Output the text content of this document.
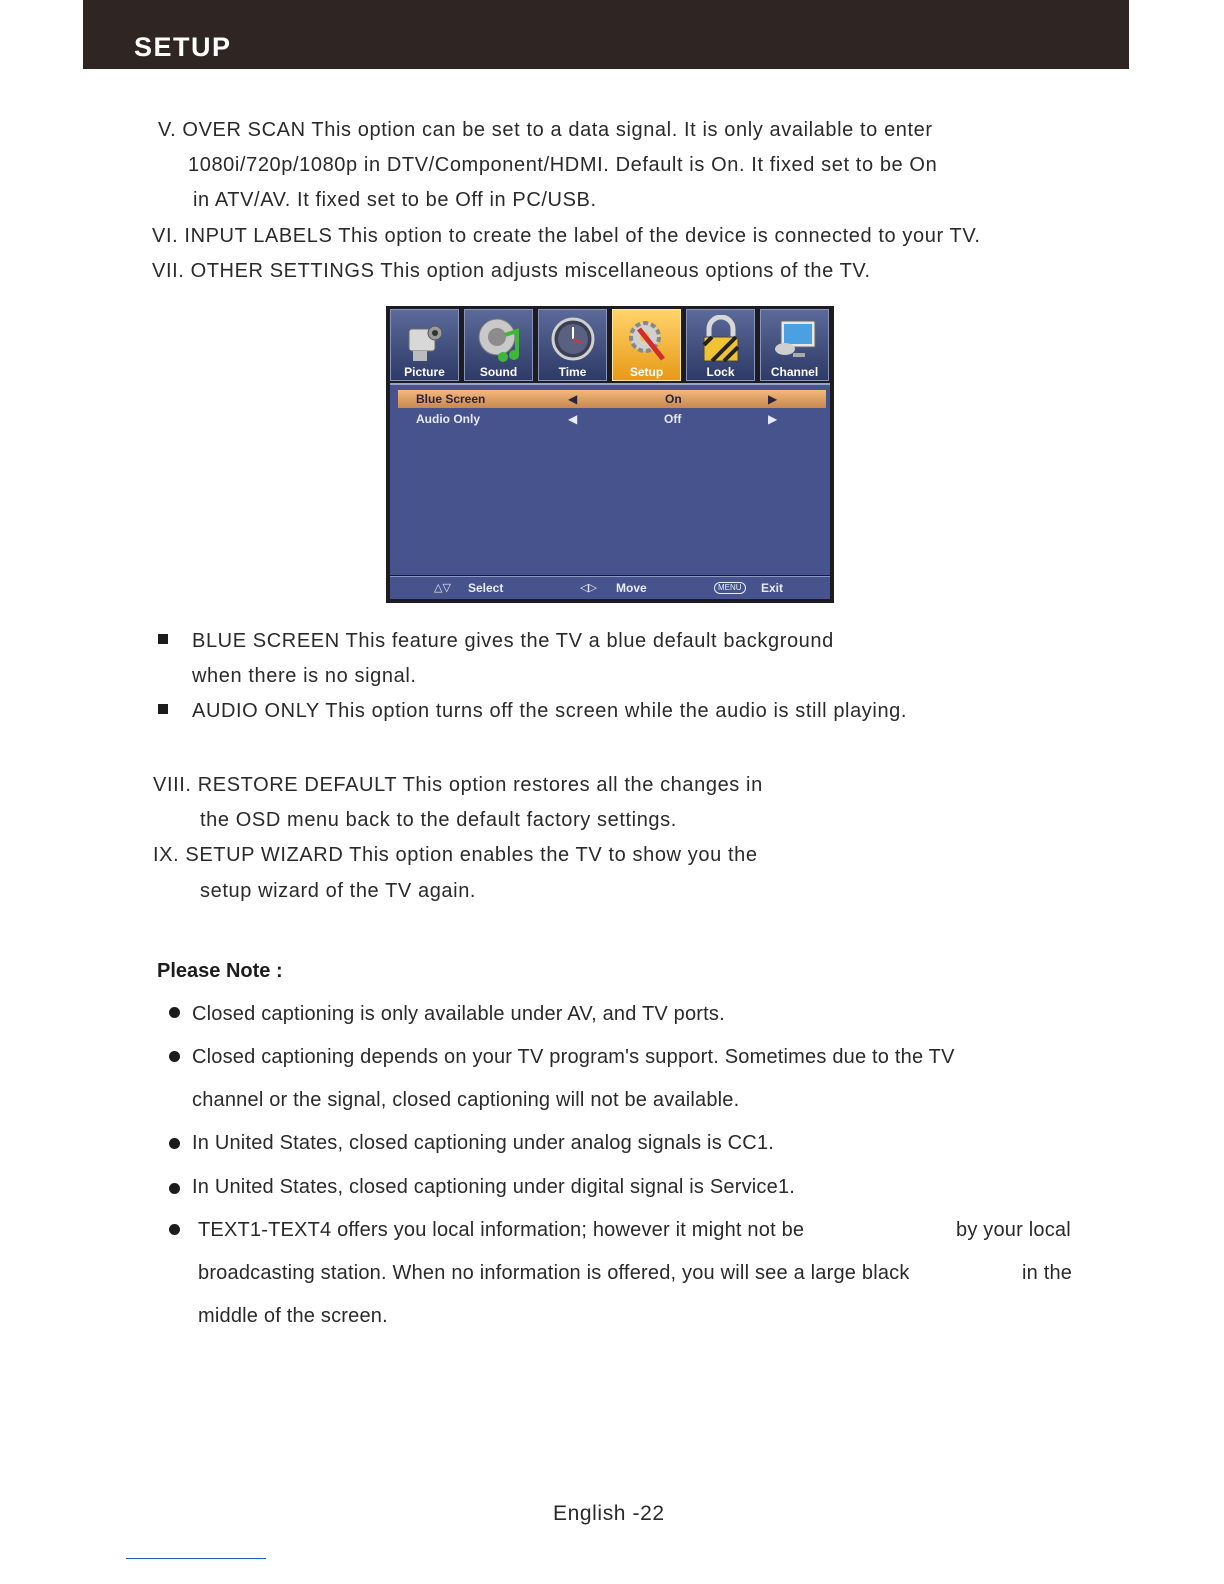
SETUP
V. OVER SCAN This option can be set to a data signal. It is only available to enter
1080i/720p/1080p in DTV/Component/HDMI. Default is On. It fixed set to be On
in ATV/AV. It fixed set to be Off in PC/USB.
VI. INPUT LABELS This option to create the label of the device is connected to your TV.
VII. OTHER SETTINGS This option adjusts miscellaneous options of the TV.
Picture	Sound	Time	Setup	Lock	Channel
Blue Screen	◀	On	▶
Audio Only	◀	Off	▶
△▽ Select	◁▷ Move	MENU	Exit
BLUE SCREEN This feature gives the TV a blue default background
when there is no signal.
AUDIO ONLY This option turns off the screen while the audio is still playing.
VIII. RESTORE DEFAULT This option restores all the changes in
the OSD menu back to the default factory settings.
IX. SETUP WIZARD This option enables the TV to show you the
setup wizard of the TV again.
Please Note :
Closed captioning is only available under AV, and TV ports.
Closed captioning depends on your TV program's support. Sometimes due to the TV
channel or the signal, closed captioning will not be available.
In United States, closed captioning under analog signals is CC1.
In United States, closed captioning under digital signal is Service1.
TEXT1-TEXT4 offers you local information; however it might not be	by your local
broadcasting station. When no information is offered, you will see a large black	in the
middle of the screen.
English -22
